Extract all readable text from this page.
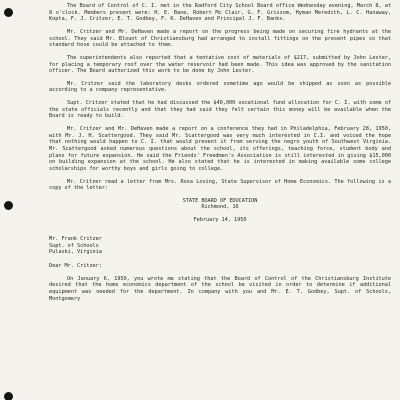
The Board of Control of C. I. met in the Radford City School Board office Wednesday evening, March 8, at 8 o'clock. Members present were: H. E. Bane, Robert Mc Clair, G. F. Grissom, Hyman Meredith, L. C. Hanaway, Kopta, F. J. Critzer, E. T. Godbey, F. K. DeHaven and Principal J. F. Banks.

Mr. Critzer and Mr. DeHaven made a report on the progress being made on securing fire hydrants at the school. They said Mr. Blount of Christiansburg had arranged to install fittings on the present pipes so that standard hose could be attached to them.

The superintendents also reported that a tentative cost of materials of $217, submitted by John Lester, for placing a temporary roof over the water reservoir had been made. This idea was approved by the sanitation officer. The Board authorized this work to be done by John Lester.

Mr. Critzer said the laboratory desks ordered sometime ago would be shipped as soon as possible according to a company representative.

Supt. Critzer stated that he had discussed the $40,000 vocational fund allocation for C. I. with some of the state officials recently and that they had said they felt certain this money will be available when the Board is ready to build.

Mr. Critzer and Mr. DeHaven made a report on a conference they had in Philadelphia, February 28, 1950, with Mr. J. H. Scattergood. They said Mr. Scattergood was very much interested in C.I. and voiced the hope that nothing would happen to C. I. that would prevent it from serving the negro youth of Southwest Virginia. Mr. Scattergood asked numerous questions about the school, its offerings, teaching force, student body and plans for future expansion. He said the Friends' Freedmen's Association is still interested in giving $15,000 on building expansion at the school. He also stated that he is interested in making available some college scholarships for worthy boys and girls going to college.

Mr. Critzer read a letter from Mrs. Rosa Loving, State Supervisor of Home Economics. The following is a copy of the letter:

STATE BOARD OF EDUCATION

Richmond, 16

February 14, 1950

Mr. Frank Critzer

Supt. of Schools

Pulaski, Virginia

Dear Mr. Critzer:

On January 6, 1950, you wrote me stating that the Board of Control of the Christiansburg Institute desired that the home economics department of the school be visited in order to determine if additional equipment was needed for the department. In company with you and Mr. E. T. Godbey, Supt. of Schools, Montgomery
